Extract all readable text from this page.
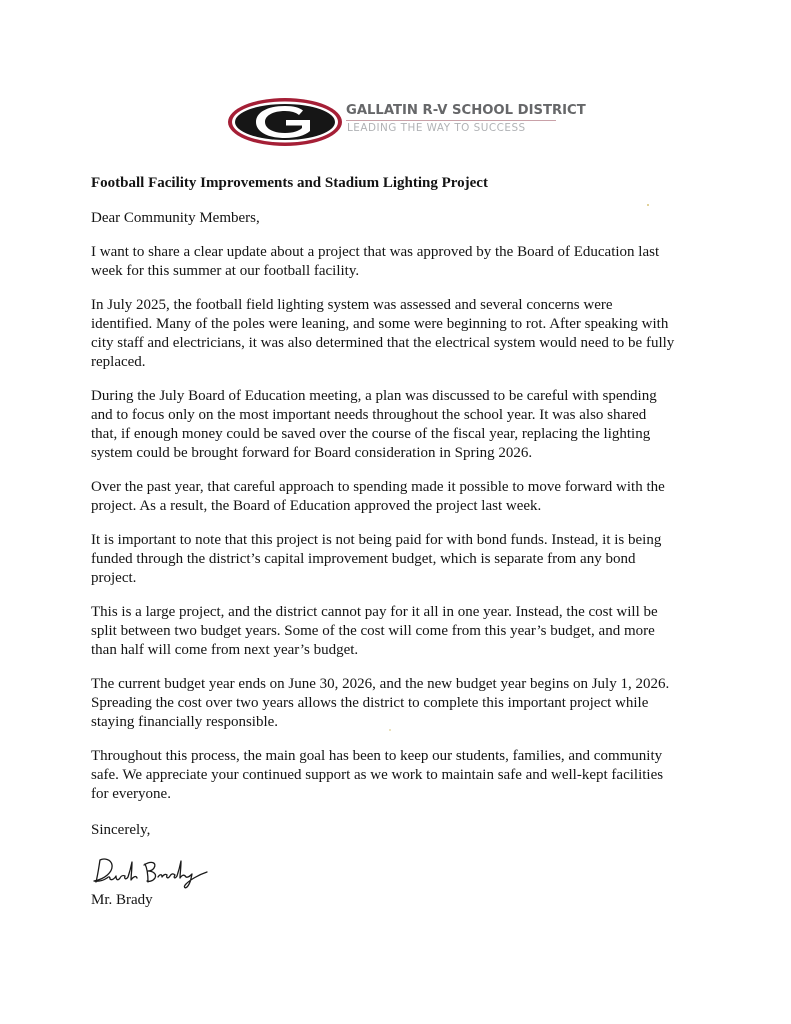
GALLATIN R-V SCHOOL DISTRICT
LEADING THE WAY TO SUCCESS
Football Facility Improvements and Stadium Lighting Project

Dear Community Members,

I want to share a clear update about a project that was approved by the Board of Education last
week for this summer at our football facility.

In July 2025, the football field lighting system was assessed and several concerns were
identified. Many of the poles were leaning, and some were beginning to rot. After speaking with
city staff and electricians, it was also determined that the electrical system would need to be fully
replaced.

During the July Board of Education meeting, a plan was discussed to be careful with spending
and to focus only on the most important needs throughout the school year. It was also shared
that, if enough money could be saved over the course of the fiscal year, replacing the lighting
system could be brought forward for Board consideration in Spring 2026.

Over the past year, that careful approach to spending made it possible to move forward with the
project. As a result, the Board of Education approved the project last week.

It is important to note that this project is not being paid for with bond funds. Instead, it is being
funded through the district’s capital improvement budget, which is separate from any bond
project.

This is a large project, and the district cannot pay for it all in one year. Instead, the cost will be
split between two budget years. Some of the cost will come from this year’s budget, and more
than half will come from next year’s budget.

The current budget year ends on June 30, 2026, and the new budget year begins on July 1, 2026.
Spreading the cost over two years allows the district to complete this important project while
staying financially responsible.

Throughout this process, the main goal has been to keep our students, families, and community
safe. We appreciate your continued support as we work to maintain safe and well-kept facilities
for everyone.

Sincerely,

Mr. Brady
